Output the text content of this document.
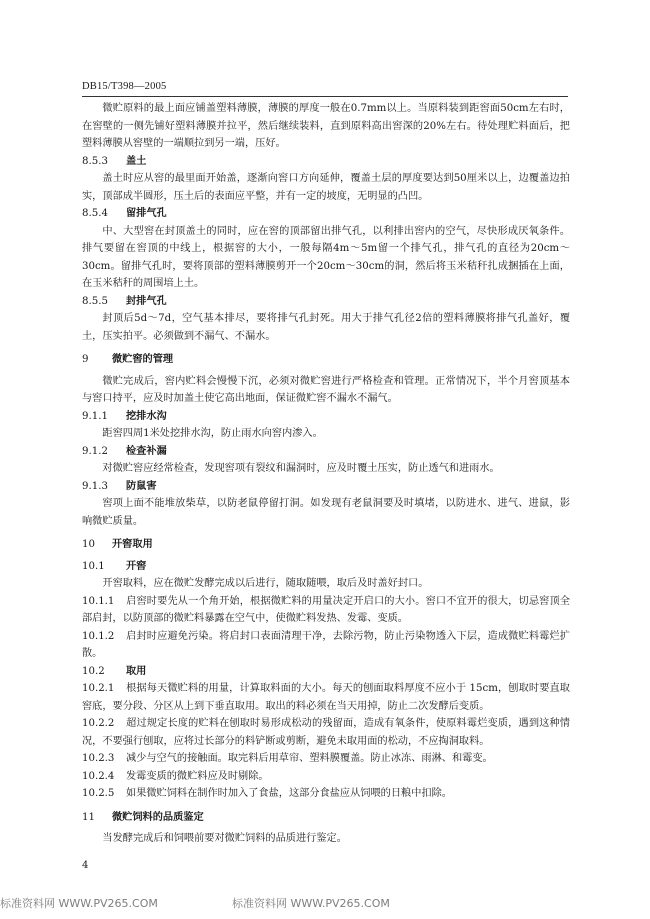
DB15/T398—2005

微贮原料的最上面应铺盖塑料薄膜，薄膜的厚度一般在0.7mm以上。当原料装到距窖面50cm左右时，在窖壁的一侧先铺好塑料薄膜并拉平，然后继续装料，直到原料高出窖深的20%左右。待处理贮料面后，把塑料薄膜从窖壁的一端顺拉到另一端，压好。

8.5.3 盖土

盖土时应从窖的最里面开始盖，逐渐向窖口方向延伸，覆盖土层的厚度要达到50厘米以上，边覆盖边拍实，顶部成半圆形，压土后的表面应平整，并有一定的坡度，无明显的凸凹。

8.5.4 留排气孔

中、大型窖在封顶盖土的同时，应在窖的顶部留出排气孔，以利排出窖内的空气，尽快形成厌氧条件。排气要留在窖顶的中线上，根据窖的大小，一般每隔4m～5m留一个排气孔，排气孔的直径为20cm～30cm。留排气孔时，要将顶部的塑料薄膜剪开一个20cm～30cm的洞，然后将玉米秸秆扎成捆插在上面，在玉米秸秆的周围培上土。

8.5.5 封排气孔

封顶后5d～7d，空气基本排尽，要将排气孔封死。用大于排气孔径2倍的塑料薄膜将排气孔盖好，覆土，压实拍平。必须做到不漏气、不漏水。

9 微贮窖的管理

微贮完成后，窖内贮料会慢慢下沉，必须对微贮窖进行严格检查和管理。正常情况下，半个月窖顶基本与窖口持平，应及时加盖土使它高出地面，保证微贮窖不漏水不漏气。

9.1.1 挖排水沟

距窖四周1米处挖排水沟，防止雨水向窖内渗入。

9.1.2 检查补漏

对微贮窖应经常检查，发现窖项有裂纹和漏洞时，应及时覆土压实，防止透气和进雨水。

9.1.3 防鼠害

窖项上面不能堆放柴草，以防老鼠停留打洞。如发现有老鼠洞要及时填堵，以防进水、进气、进鼠，影响微贮质量。

10 开窖取用
10.1 开窖

开窖取料，应在微贮发酵完成以后进行，随取随喂，取后及时盖好封口。

10.1.1 启窖时要先从一个角开始，根据微贮料的用量决定开启口的大小。窖口不宜开的很大，切忌窖顶全部启封，以防顶部的微贮料暴露在空气中，使微贮料发热、发霉、变质。

10.1.2 启封时应避免污染。将启封口表面清理干净，去除污物，防止污染物透入下层，造成微贮料霉烂扩散。

10.2 取用

10.2.1 根据每天微贮料的用量，计算取料面的大小。每天的刨面取料厚度不应小于 15cm，刨取时要直取窖底，要分段、分区从上到下垂直取用。取出的料必须在当天用掉，防止二次发酵后变质。

10.2.2 超过规定长度的贮料在刨取时易形成松动的残留面，造成有氧条件，使原料霉烂变质，遇到这种情况，不要强行刨取，应将过长部分的料铲断或剪断，避免未取用面的松动，不应掏洞取料。

10.2.3 减少与空气的接触面。取完料后用草帘、塑料膜覆盖。防止冰冻、雨淋、和霉变。

10.2.4 发霉变质的微贮料应及时剔除。

10.2.5 如果微贮饲料在制作时加入了食盐，这部分食盐应从饲喂的日粮中扣除。

11 微贮饲料的品质鉴定

当发酵完成后和饲喂前要对微贮饲料的品质进行鉴定。

4
标准资料网 WWW.PV265.COM	标准资料网 WWW.PV265.COM
